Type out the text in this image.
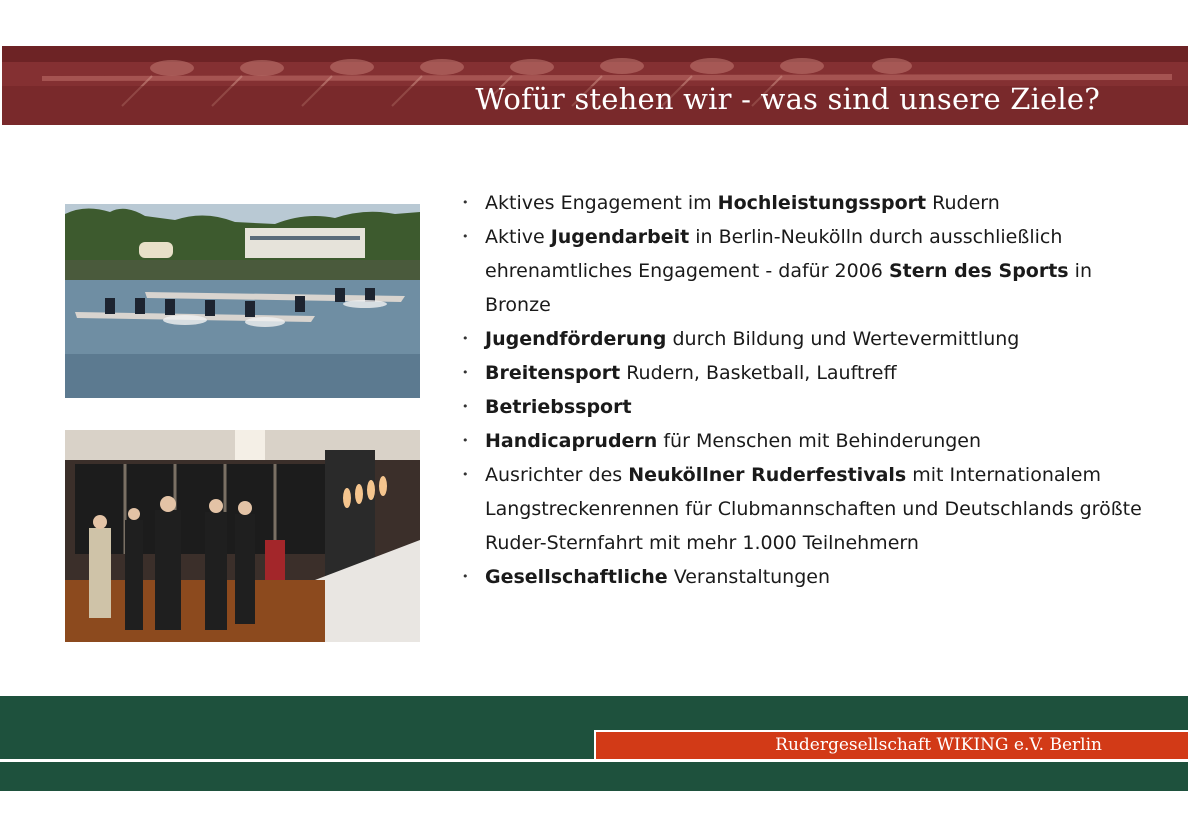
Wofür stehen wir - was sind unsere Ziele?
• Aktives Engagement im Hochleistungssport Rudern
• Aktive Jugendarbeit in Berlin-Neukölln durch ausschließlich ehrenamtliches Engagement - dafür 2006 Stern des Sports in Bronze
• Jugendförderung durch Bildung und Wertevermittlung
• Breitensport Rudern, Basketball, Lauftreff
• Betriebssport
• Handicaprudern für Menschen mit Behinderungen
• Ausrichter des Neuköllner Ruderfestivals mit Internationalem Langstreckenrennen für Clubmannschaften und Deutschlands größte Ruder-Sternfahrt mit mehr 1.000 Teilnehmern
• Gesellschaftliche Veranstaltungen
Rudergesellschaft WIKING e.V. Berlin
